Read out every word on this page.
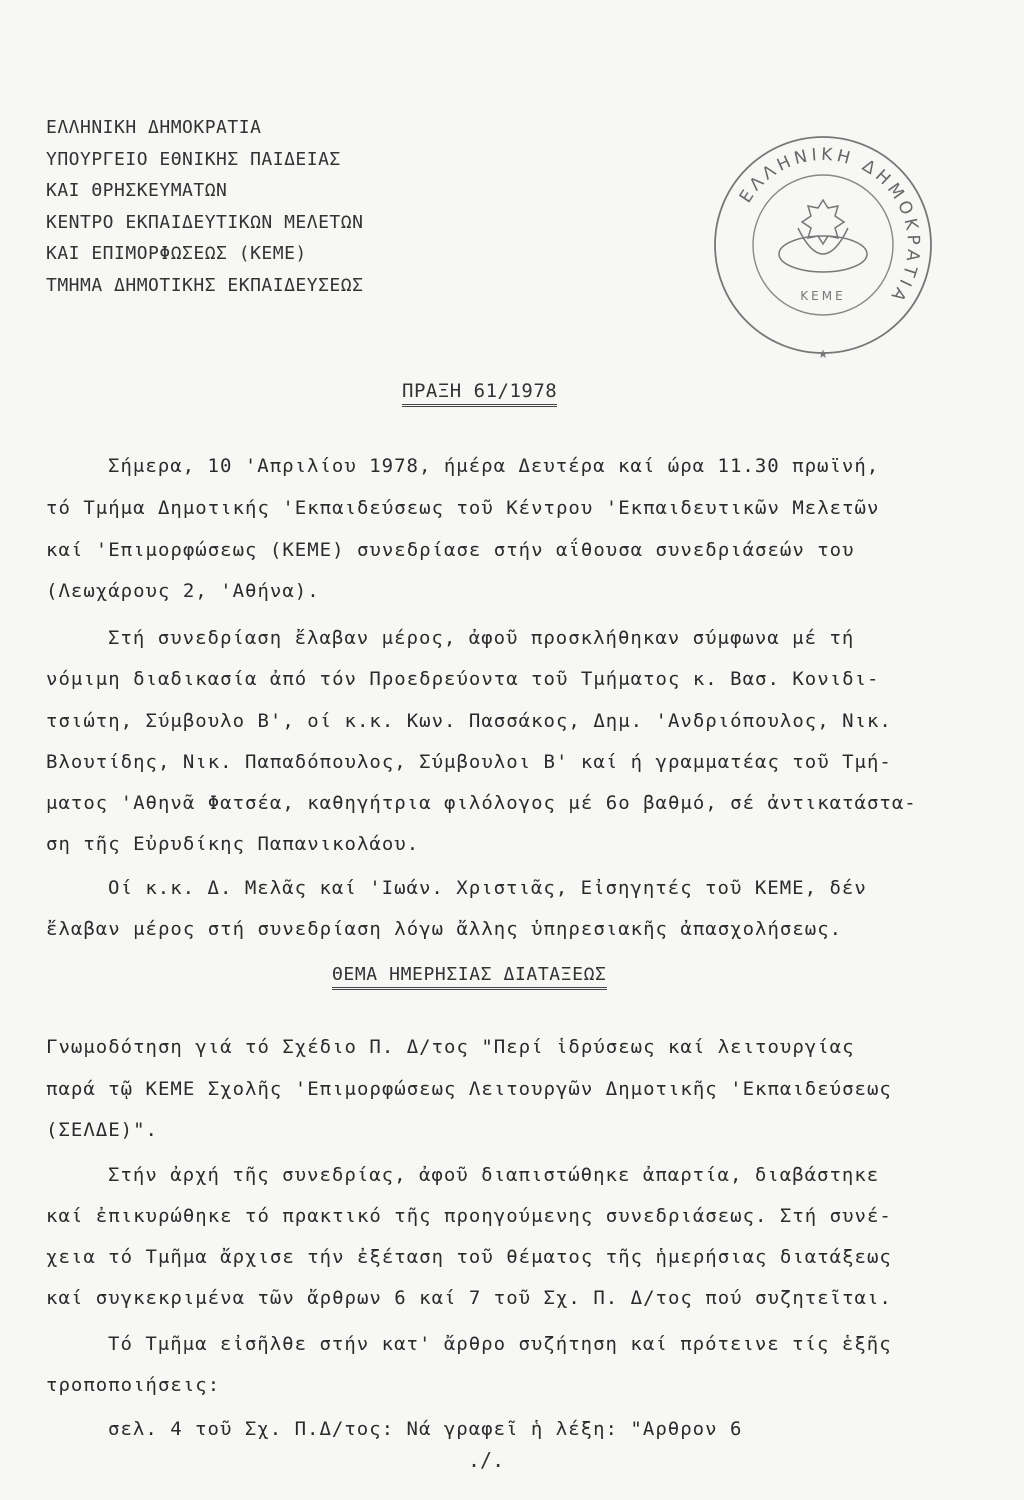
ΕΛΛΗΝΙΚΗ ΔΗΜΟΚΡΑΤΙΑ
ΥΠΟΥΡΓΕΙΟ ΕΘΝΙΚΗΣ ΠΑΙΔΕΙΑΣ
ΚΑΙ ΘΡΗΣΚΕΥΜΑΤΩΝ
ΚΕΝΤΡΟ ΕΚΠΑΙΔΕΥΤΙΚΩΝ ΜΕΛΕΤΩΝ
ΚΑΙ ΕΠΙΜΟΡΦΩΣΕΩΣ (ΚΕΜΕ)
ΤΜΗΜΑ ΔΗΜΟΤΙΚΗΣ ΕΚΠΑΙΔΕΥΣΕΩΣ
ΕΛΛΗΝΙΚΗ ΔΗΜΟΚΡΑΤΙΑ
ΚΕΜΕ
★
ΠΡΑΞΗ 61/1978
Σήμερα, 10 'Απριλίου 1978, ήμέρα Δευτέρα καί ώρα 11.30 πρωϊνή,
τό Τμήμα Δημοτικής 'Εκπαιδεύσεως τοῦ Κέντρου 'Εκπαιδευτικῶν Μελετῶν
καί 'Επιμορφώσεως (ΚΕΜΕ) συνεδρίασε στήν αΐθουσα συνεδριάσεών του
(Λεωχάρους 2, 'Αθήνα).
Στή συνεδρίαση ἔλαβαν μέρος, ἀφοῦ προσκλήθηκαν σύμφωνα μέ τή
νόμιμη διαδικασία ἀπό τόν Προεδρεύοντα τοῦ Τμήματος κ. Βασ. Κονιδι-
τσιώτη, Σύμβουλο Β', οί κ.κ. Κων. Πασσάκος, Δημ. 'Ανδριόπουλος, Νικ.
Βλουτίδης, Νικ. Παπαδόπουλος, Σύμβουλοι Β' καί ή γραμματέας τοῦ Τμή-
ματος 'Αθηνᾶ Φατσέα, καθηγήτρια φιλόλογος μέ 6ο βαθμό, σέ ἀντικατάστα-
ση τῆς Εὐρυδίκης Παπανικολάου.
Οί κ.κ. Δ. Μελᾶς καί 'Ιωάν. Χριστιᾶς, Εἰσηγητές τοῦ ΚΕΜΕ, δέν
ἔλαβαν μέρος στή συνεδρίαση λόγω ἄλλης ὑπηρεσιακῆς ἀπασχολήσεως.
ΘΕΜΑ ΗΜΕΡΗΣΙΑΣ ΔΙΑΤΑΞΕΩΣ
Γνωμοδότηση γιά τό Σχέδιο Π. Δ/τος "Περί ἱδρύσεως καί λειτουργίας
παρά τῷ ΚΕΜΕ Σχολῆς 'Επιμορφώσεως Λειτουργῶν Δημοτικῆς 'Εκπαιδεύσεως
(ΣΕΛΔΕ)".
Στήν ἀρχή τῆς συνεδρίας, ἀφοῦ διαπιστώθηκε ἀπαρτία, διαβάστηκε
καί ἐπικυρώθηκε τό πρακτικό τῆς προηγούμενης συνεδριάσεως. Στή συνέ-
χεια τό Τμῆμα ἄρχισε τήν ἐξέταση τοῦ θέματος τῆς ἡμερήσιας διατάξεως
καί συγκεκριμένα τῶν ἄρθρων 6 καί 7 τοῦ Σχ. Π. Δ/τος πού συζητεῖται.
Τό Τμῆμα εἰσῆλθε στήν κατ' ἄρθρο συζήτηση καί πρότεινε τίς ἑξῆς
τροποποιήσεις:
σελ. 4 τοῦ Σχ. Π.Δ/τος: Νά γραφεῖ ἡ λέξη: "Αρθρον 6
./.
